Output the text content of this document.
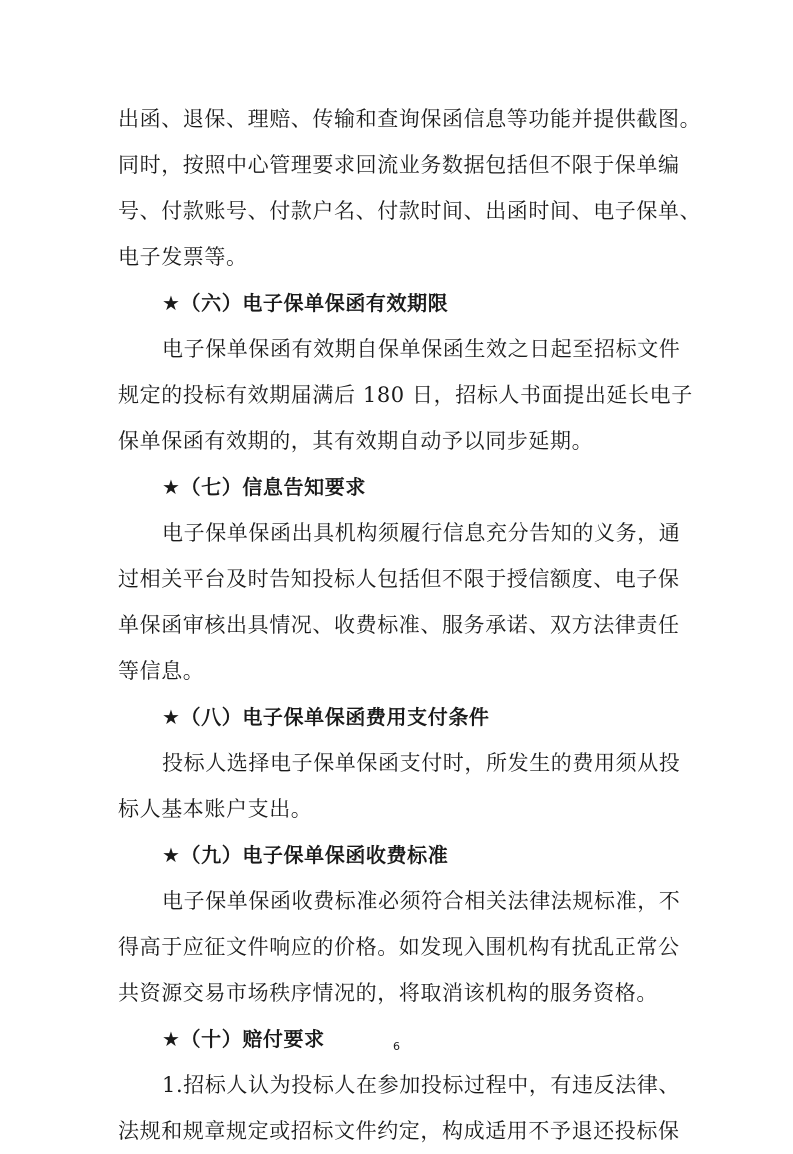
出函、退保、理赔、传输和查询保函信息等功能并提供截图。
同时，按照中心管理要求回流业务数据包括但不限于保单编
号、付款账号、付款户名、付款时间、出函时间、电子保单、
电子发票等。
★（六）电子保单保函有效期限
电子保单保函有效期自保单保函生效之日起至招标文件
规定的投标有效期届满后 180 日，招标人书面提出延长电子
保单保函有效期的，其有效期自动予以同步延期。
★（七）信息告知要求
电子保单保函出具机构须履行信息充分告知的义务，通
过相关平台及时告知投标人包括但不限于授信额度、电子保
单保函审核出具情况、收费标准、服务承诺、双方法律责任
等信息。
★（八）电子保单保函费用支付条件
投标人选择电子保单保函支付时，所发生的费用须从投
标人基本账户支出。
★（九）电子保单保函收费标准
电子保单保函收费标准必须符合相关法律法规标准，不
得高于应征文件响应的价格。如发现入围机构有扰乱正常公
共资源交易市场秩序情况的，将取消该机构的服务资格。
★（十）赔付要求
1.招标人认为投标人在参加投标过程中，有违反法律、
法规和规章规定或招标文件约定，构成适用不予退还投标保
6
